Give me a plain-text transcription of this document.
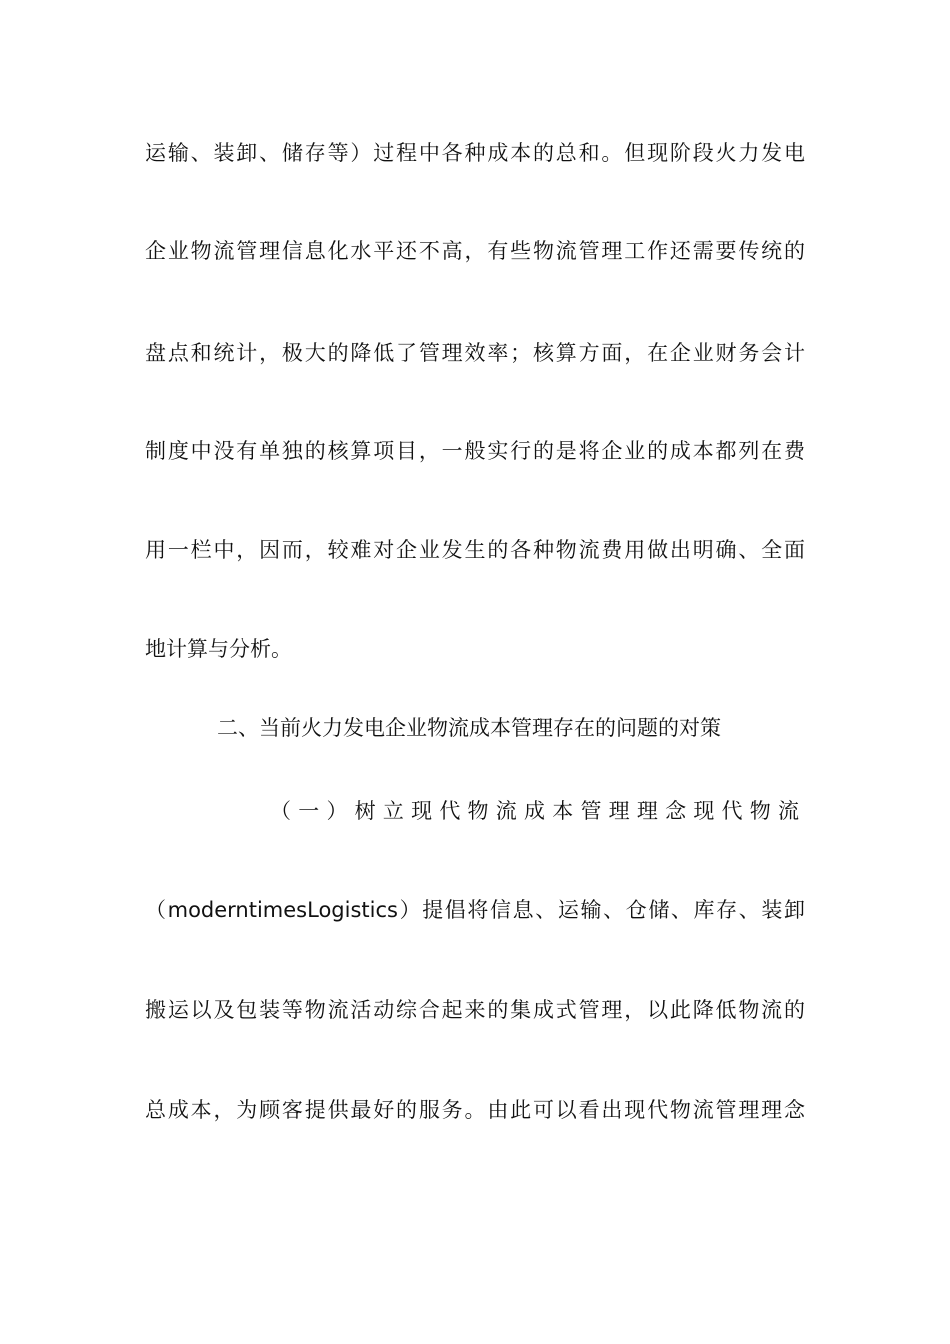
运输、装卸、储存等）过程中各种成本的总和。但现阶段火力发电
企业物流管理信息化水平还不高，有些物流管理工作还需要传统的
盘点和统计，极大的降低了管理效率；核算方面，在企业财务会计
制度中没有单独的核算项目，一般实行的是将企业的成本都列在费
用一栏中，因而，较难对企业发生的各种物流费用做出明确、全面
地计算与分析。
二、当前火力发电企业物流成本管理存在的问题的对策
（一）树立现代物流成本管理理念现代物流
（moderntimesLogistics）提倡将信息、运输、仓储、库存、装卸
搬运以及包装等物流活动综合起来的集成式管理，以此降低物流的
总成本，为顾客提供最好的服务。由此可以看出现代物流管理理念
